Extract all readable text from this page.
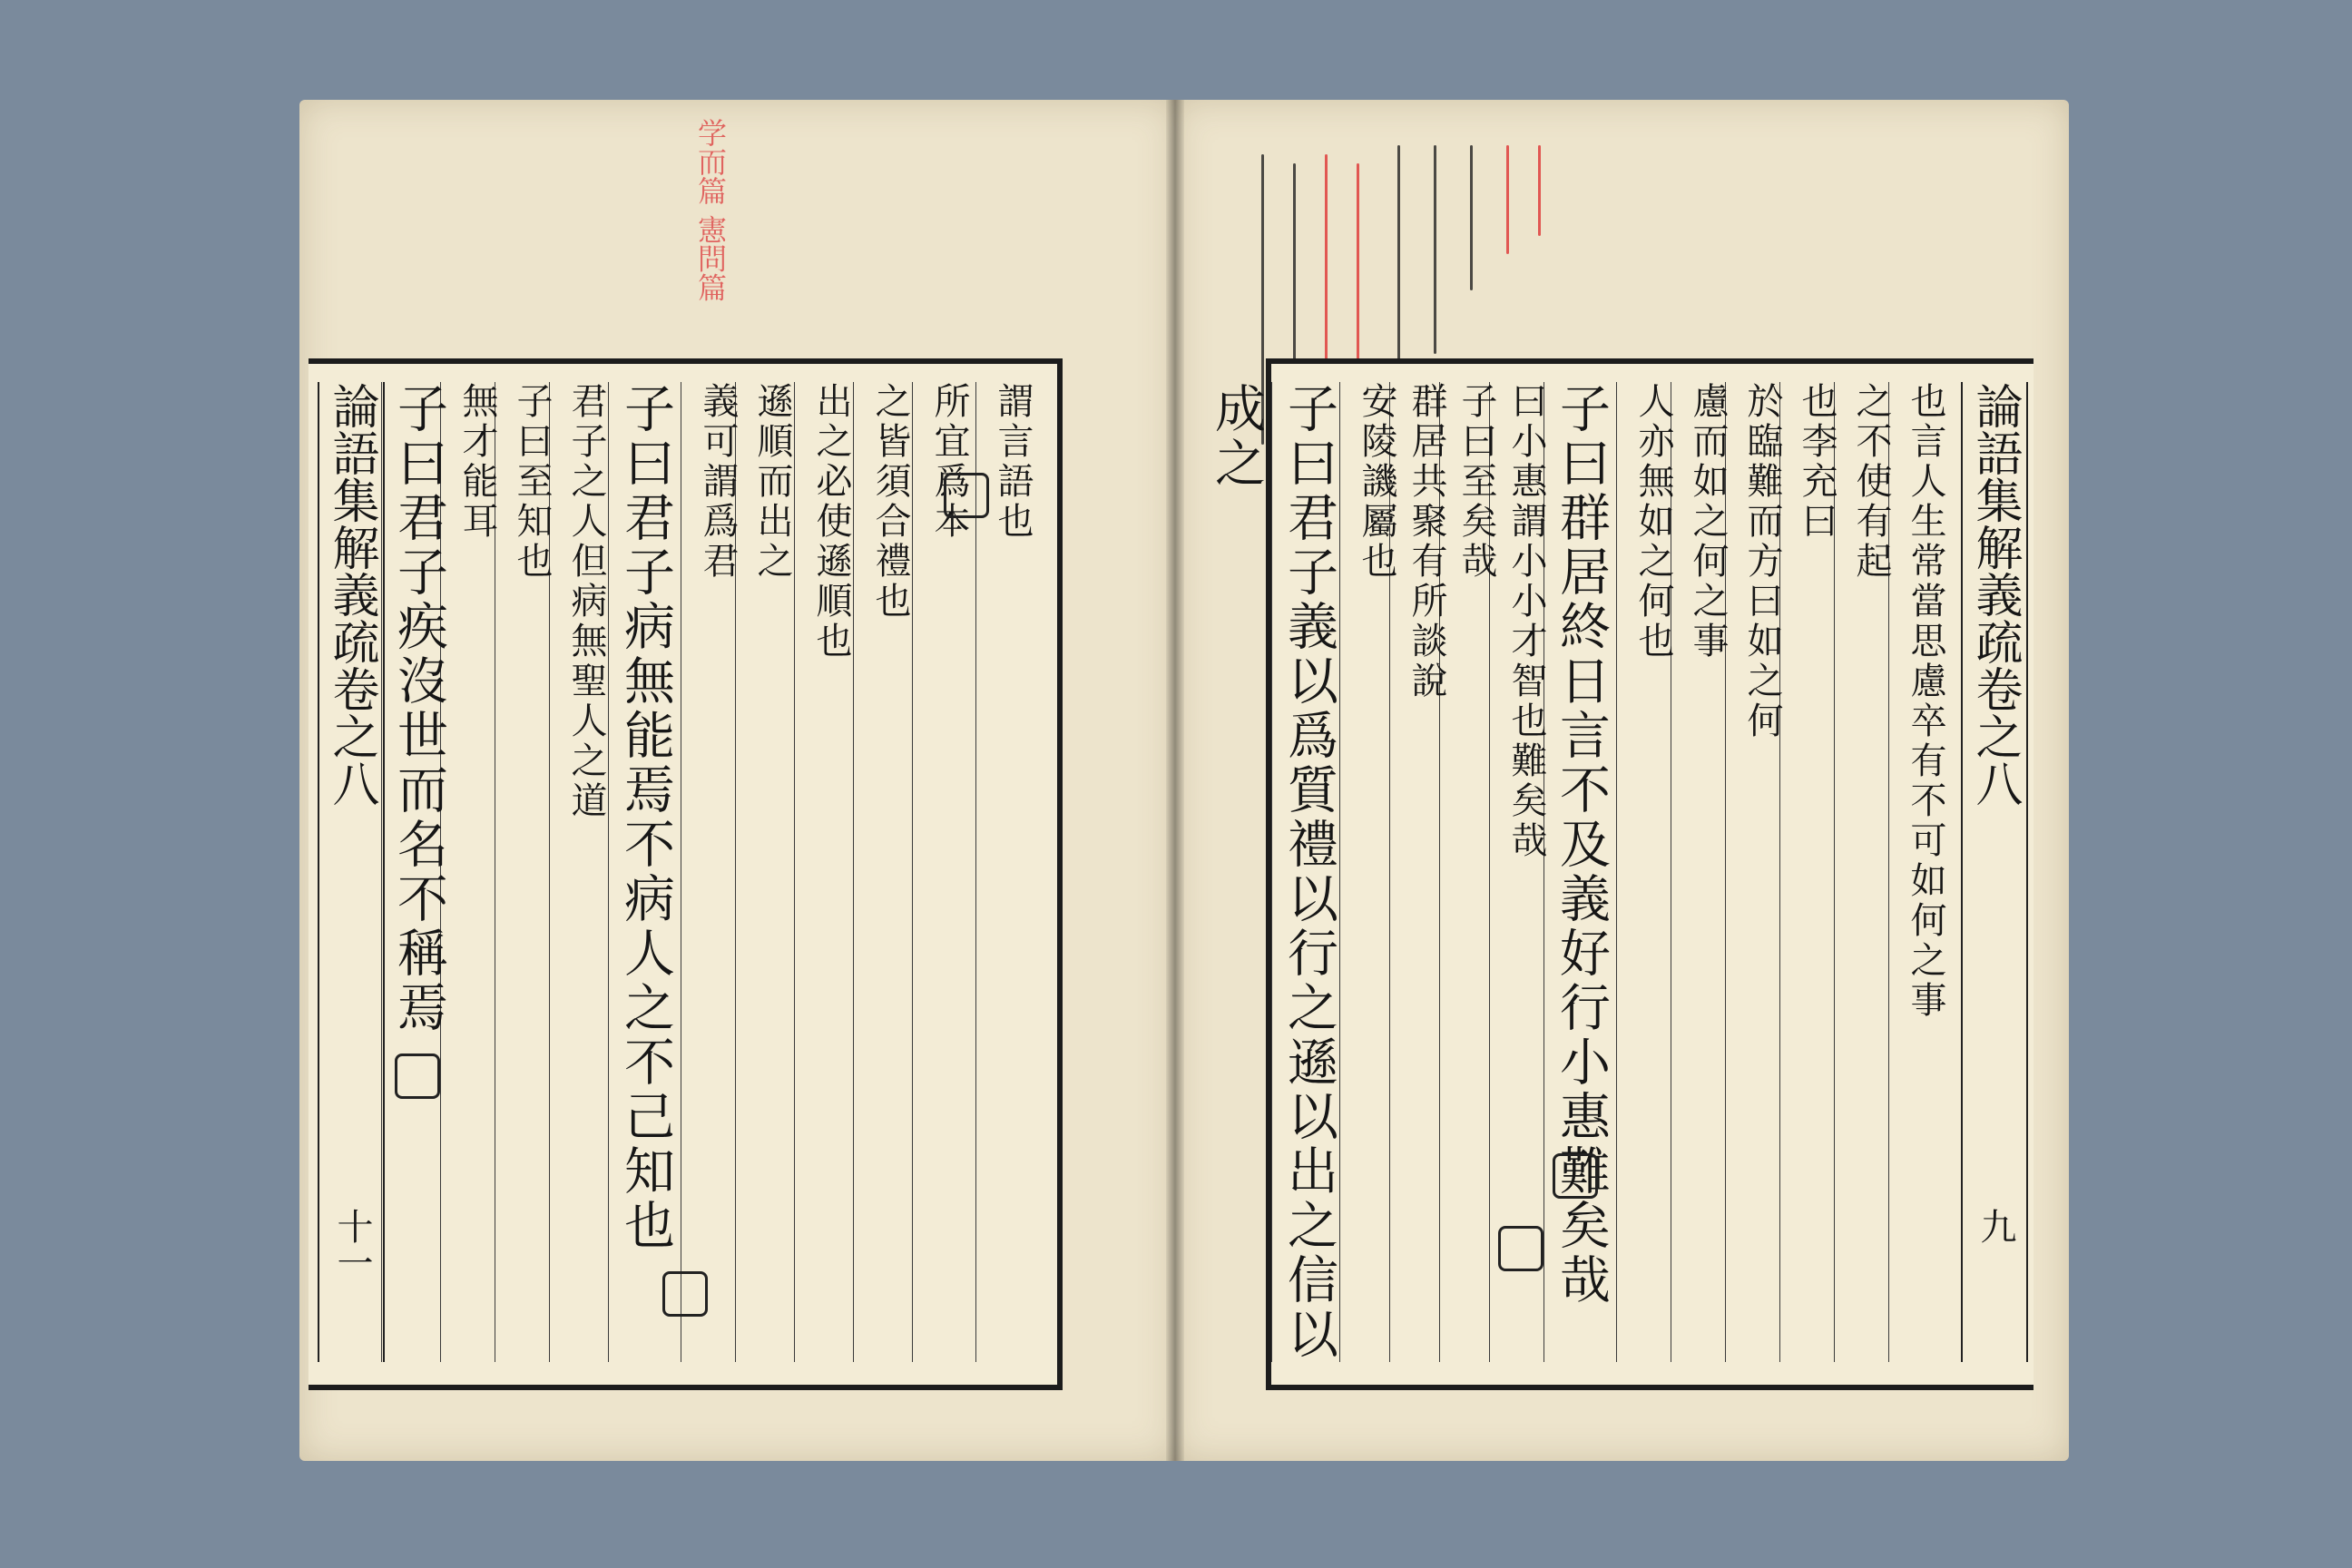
学而篇 憲問篇
論語集解義疏卷之八
十一
謂言語也
所宜爲本
之皆須合禮也
出之必使遜順也
遜順而出之
義可謂爲君
子曰君子病無能焉不病人之不己知也
君子之人但病無聖人之道
子曰至知也
無才能耳
子曰君子疾沒世而名不稱焉	論語集解義疏卷之八
九
也言人生常當思慮卒有不可如何之事
之不使有起
也李充曰
於臨難而方曰如之何
慮而如之何之事
人亦無如之何也
子曰群居終日言不及義好行小惠難矣哉
曰小惠謂小小才智也難矣哉
子曰至矣哉
群居共聚有所談說
安陵譏屬也
子曰君子義以爲質禮以行之遜以出之信以成之
